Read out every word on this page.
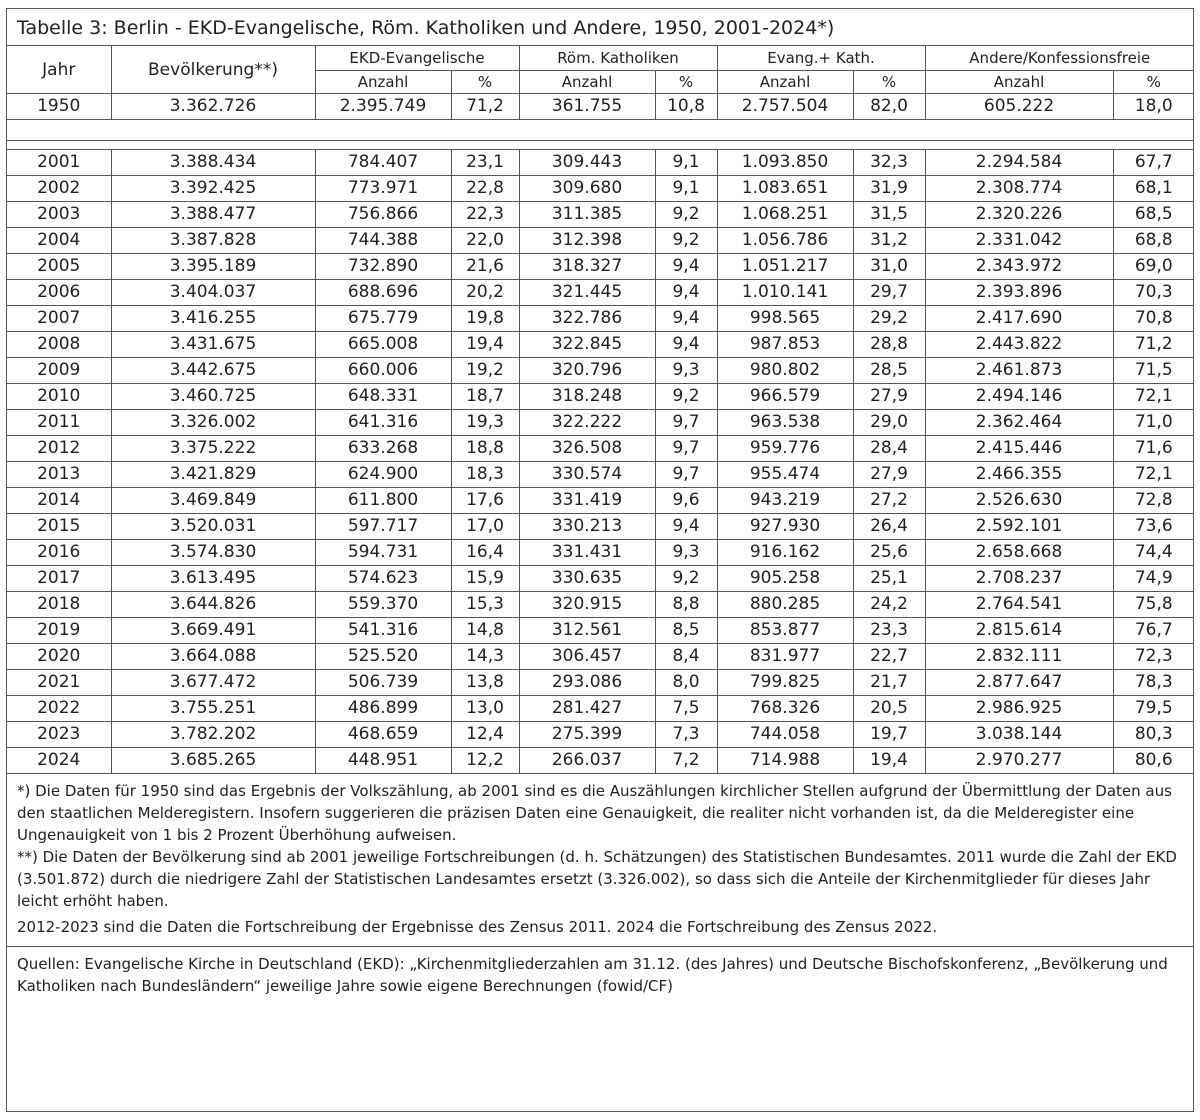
Tabelle 3: Berlin - EKD-Evangelische, Röm. Katholiken und Andere, 1950, 2001-2024*)
Jahr	Bevölkerung**)	EKD-Evangelische		Röm. Katholiken		Evang.+ Kath.		Andere/Konfessionsfreie	
		Anzahl	%	Anzahl	%	Anzahl	%	Anzahl	%
1950	3.362.726	2.395.749	71,2	361.755	10,8	2.757.504	82,0	605.222	18,0

2001	3.388.434	784.407	23,1	309.443	9,1	1.093.850	32,3	2.294.584	67,7
2002	3.392.425	773.971	22,8	309.680	9,1	1.083.651	31,9	2.308.774	68,1
2003	3.388.477	756.866	22,3	311.385	9,2	1.068.251	31,5	2.320.226	68,5
2004	3.387.828	744.388	22,0	312.398	9,2	1.056.786	31,2	2.331.042	68,8
2005	3.395.189	732.890	21,6	318.327	9,4	1.051.217	31,0	2.343.972	69,0
2006	3.404.037	688.696	20,2	321.445	9,4	1.010.141	29,7	2.393.896	70,3
2007	3.416.255	675.779	19,8	322.786	9,4	998.565	29,2	2.417.690	70,8
2008	3.431.675	665.008	19,4	322.845	9,4	987.853	28,8	2.443.822	71,2
2009	3.442.675	660.006	19,2	320.796	9,3	980.802	28,5	2.461.873	71,5
2010	3.460.725	648.331	18,7	318.248	9,2	966.579	27,9	2.494.146	72,1
2011	3.326.002	641.316	19,3	322.222	9,7	963.538	29,0	2.362.464	71,0
2012	3.375.222	633.268	18,8	326.508	9,7	959.776	28,4	2.415.446	71,6
2013	3.421.829	624.900	18,3	330.574	9,7	955.474	27,9	2.466.355	72,1
2014	3.469.849	611.800	17,6	331.419	9,6	943.219	27,2	2.526.630	72,8
2015	3.520.031	597.717	17,0	330.213	9,4	927.930	26,4	2.592.101	73,6
2016	3.574.830	594.731	16,4	331.431	9,3	916.162	25,6	2.658.668	74,4
2017	3.613.495	574.623	15,9	330.635	9,2	905.258	25,1	2.708.237	74,9
2018	3.644.826	559.370	15,3	320.915	8,8	880.285	24,2	2.764.541	75,8
2019	3.669.491	541.316	14,8	312.561	8,5	853.877	23,3	2.815.614	76,7
2020	3.664.088	525.520	14,3	306.457	8,4	831.977	22,7	2.832.111	72,3
2021	3.677.472	506.739	13,8	293.086	8,0	799.825	21,7	2.877.647	78,3
2022	3.755.251	486.899	13,0	281.427	7,5	768.326	20,5	2.986.925	79,5
2023	3.782.202	468.659	12,4	275.399	7,3	744.058	19,7	3.038.144	80,3
2024	3.685.265	448.951	12,2	266.037	7,2	714.988	19,4	2.970.277	80,6
*) Die Daten für 1950 sind das Ergebnis der Volkszählung, ab 2001 sind es die Auszählungen kirchlicher Stellen aufgrund der Übermittlung der Daten aus den staatlichen Melderegistern. Insofern suggerieren die präzisen Daten eine Genauigkeit, die realiter nicht vorhanden ist, da die Melderegister eine Ungenauigkeit von 1 bis 2 Prozent Überhöhung aufweisen.
**) Die Daten der Bevölkerung sind ab 2001 jeweilige Fortschreibungen (d. h. Schätzungen) des Statistischen Bundesamtes. 2011 wurde die Zahl der EKD (3.501.872) durch die niedrigere Zahl der Statistischen Landesamtes ersetzt (3.326.002), so dass sich die Anteile der Kirchenmitglieder für dieses Jahr leicht erhöht haben.
2012-2023 sind die Daten die Fortschreibung der Ergebnisse des Zensus 2011. 2024 die Fortschreibung des Zensus 2022.
Quellen: Evangelische Kirche in Deutschland (EKD): „Kirchenmitgliederzahlen am 31.12. (des Jahres) und Deutsche Bischofskonferenz, „Bevölkerung und Katholiken nach Bundesländern“ jeweilige Jahre sowie eigene Berechnungen (fowid/CF)
